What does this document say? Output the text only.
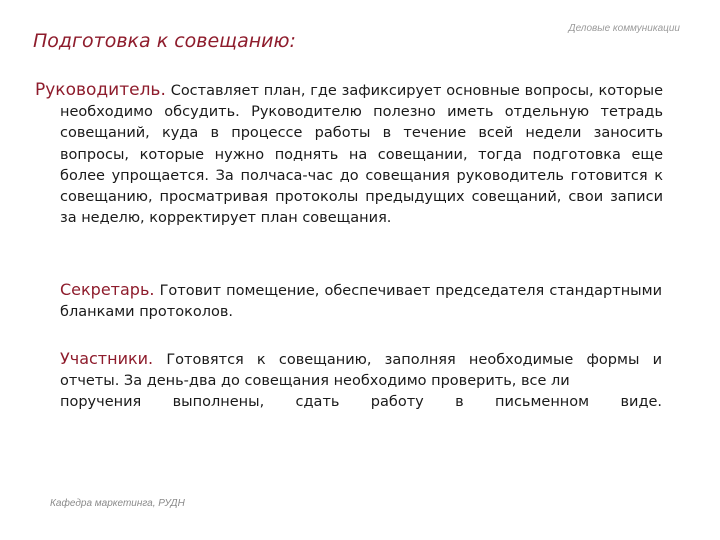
Подготовка к совещанию:
Деловые коммуникации

Руководитель. Составляет план, где зафиксирует основные вопросы, которые необходимо обсудить. Руководителю полезно иметь отдельную тетрадь совещаний, куда в процессе работы в течение всей недели заносить вопросы, которые нужно поднять на совещании, тогда подготовка еще более упрощается. За полчаса-час до совещания руководитель готовится к совещанию, просматривая протоколы предыдущих совещаний, свои записи за неделю, корректирует план совещания.

Секретарь. Готовит помещение, обеспечивает председателя стандартными бланками протоколов.

Участники. Готовятся к совещанию, заполняя необходимые формы и отчеты. За день-два до совещания необходимо проверить, все ли
поручения выполнены, сдать работу в письменном виде.

Кафедра маркетинга, РУДН
